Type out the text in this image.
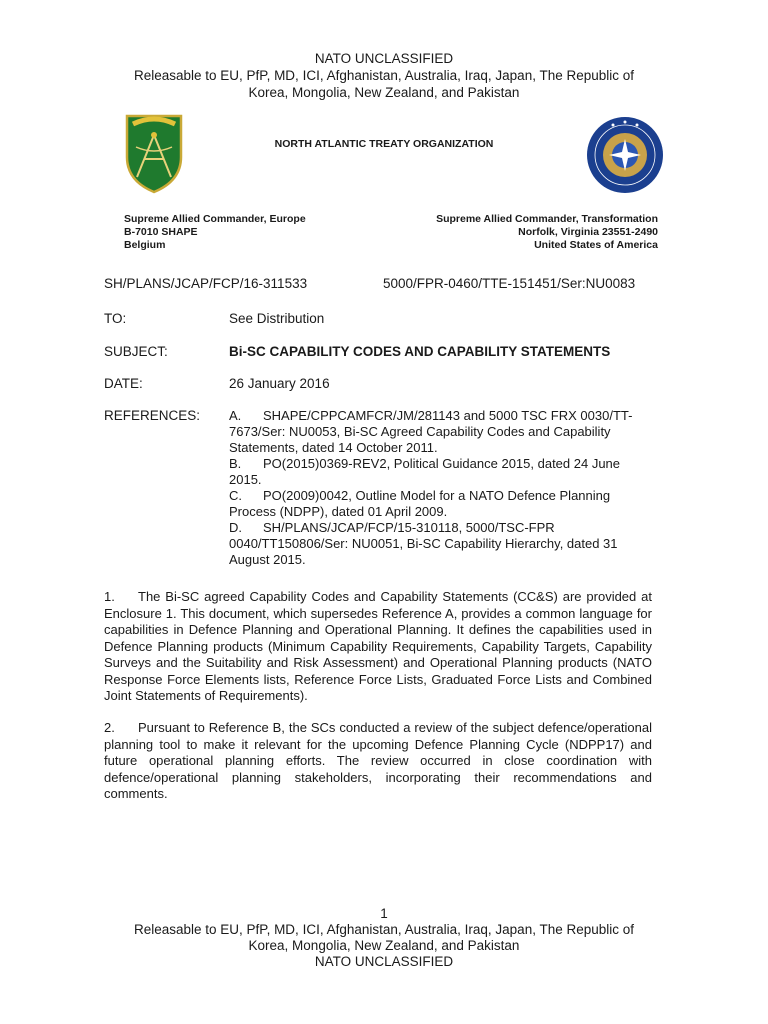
NATO UNCLASSIFIED
Releasable to EU, PfP, MD, ICI, Afghanistan, Australia, Iraq, Japan, The Republic of
Korea, Mongolia, New Zealand, and Pakistan
NORTH ATLANTIC TREATY ORGANIZATION
Supreme Allied Commander, Europe
B-7010 SHAPE
Belgium
Supreme Allied Commander, Transformation
Norfolk, Virginia 23551-2490
United States of America
SH/PLANS/JCAP/FCP/16-311533	5000/FPR-0460/TTE-151451/Ser:NU0083
TO:	See Distribution
SUBJECT:	Bi-SC CAPABILITY CODES AND CAPABILITY STATEMENTS
DATE:	26 January 2016
REFERENCES: A.	SHAPE/CPPCAMFCR/JM/281143 and 5000 TSC FRX 0030/TT-
7673/Ser: NU0053, Bi-SC Agreed Capability Codes and Capability
Statements, dated 14 October 2011.
B.	PO(2015)0369-REV2, Political Guidance 2015, dated 24 June
2015.
C.	PO(2009)0042, Outline Model for a NATO Defence Planning
Process (NDPP), dated 01 April 2009.
D.	SH/PLANS/JCAP/FCP/15-310118, 5000/TSC-FPR
0040/TT150806/Ser: NU0051, Bi-SC Capability Hierarchy, dated 31
August 2015.
1. The Bi-SC agreed Capability Codes and Capability Statements (CC&S) are provided at Enclosure 1. This document, which supersedes Reference A, provides a common language for capabilities in Defence Planning and Operational Planning. It defines the capabilities used in Defence Planning products (Minimum Capability Requirements, Capability Targets, Capability Surveys and the Suitability and Risk Assessment) and Operational Planning products (NATO Response Force Elements lists, Reference Force Lists, Graduated Force Lists and Combined Joint Statements of Requirements).
2. Pursuant to Reference B, the SCs conducted a review of the subject defence/operational planning tool to make it relevant for the upcoming Defence Planning Cycle (NDPP17) and future operational planning efforts. The review occurred in close coordination with defence/operational planning stakeholders, incorporating their recommendations and comments.
1
Releasable to EU, PfP, MD, ICI, Afghanistan, Australia, Iraq, Japan, The Republic of
Korea, Mongolia, New Zealand, and Pakistan
NATO UNCLASSIFIED
